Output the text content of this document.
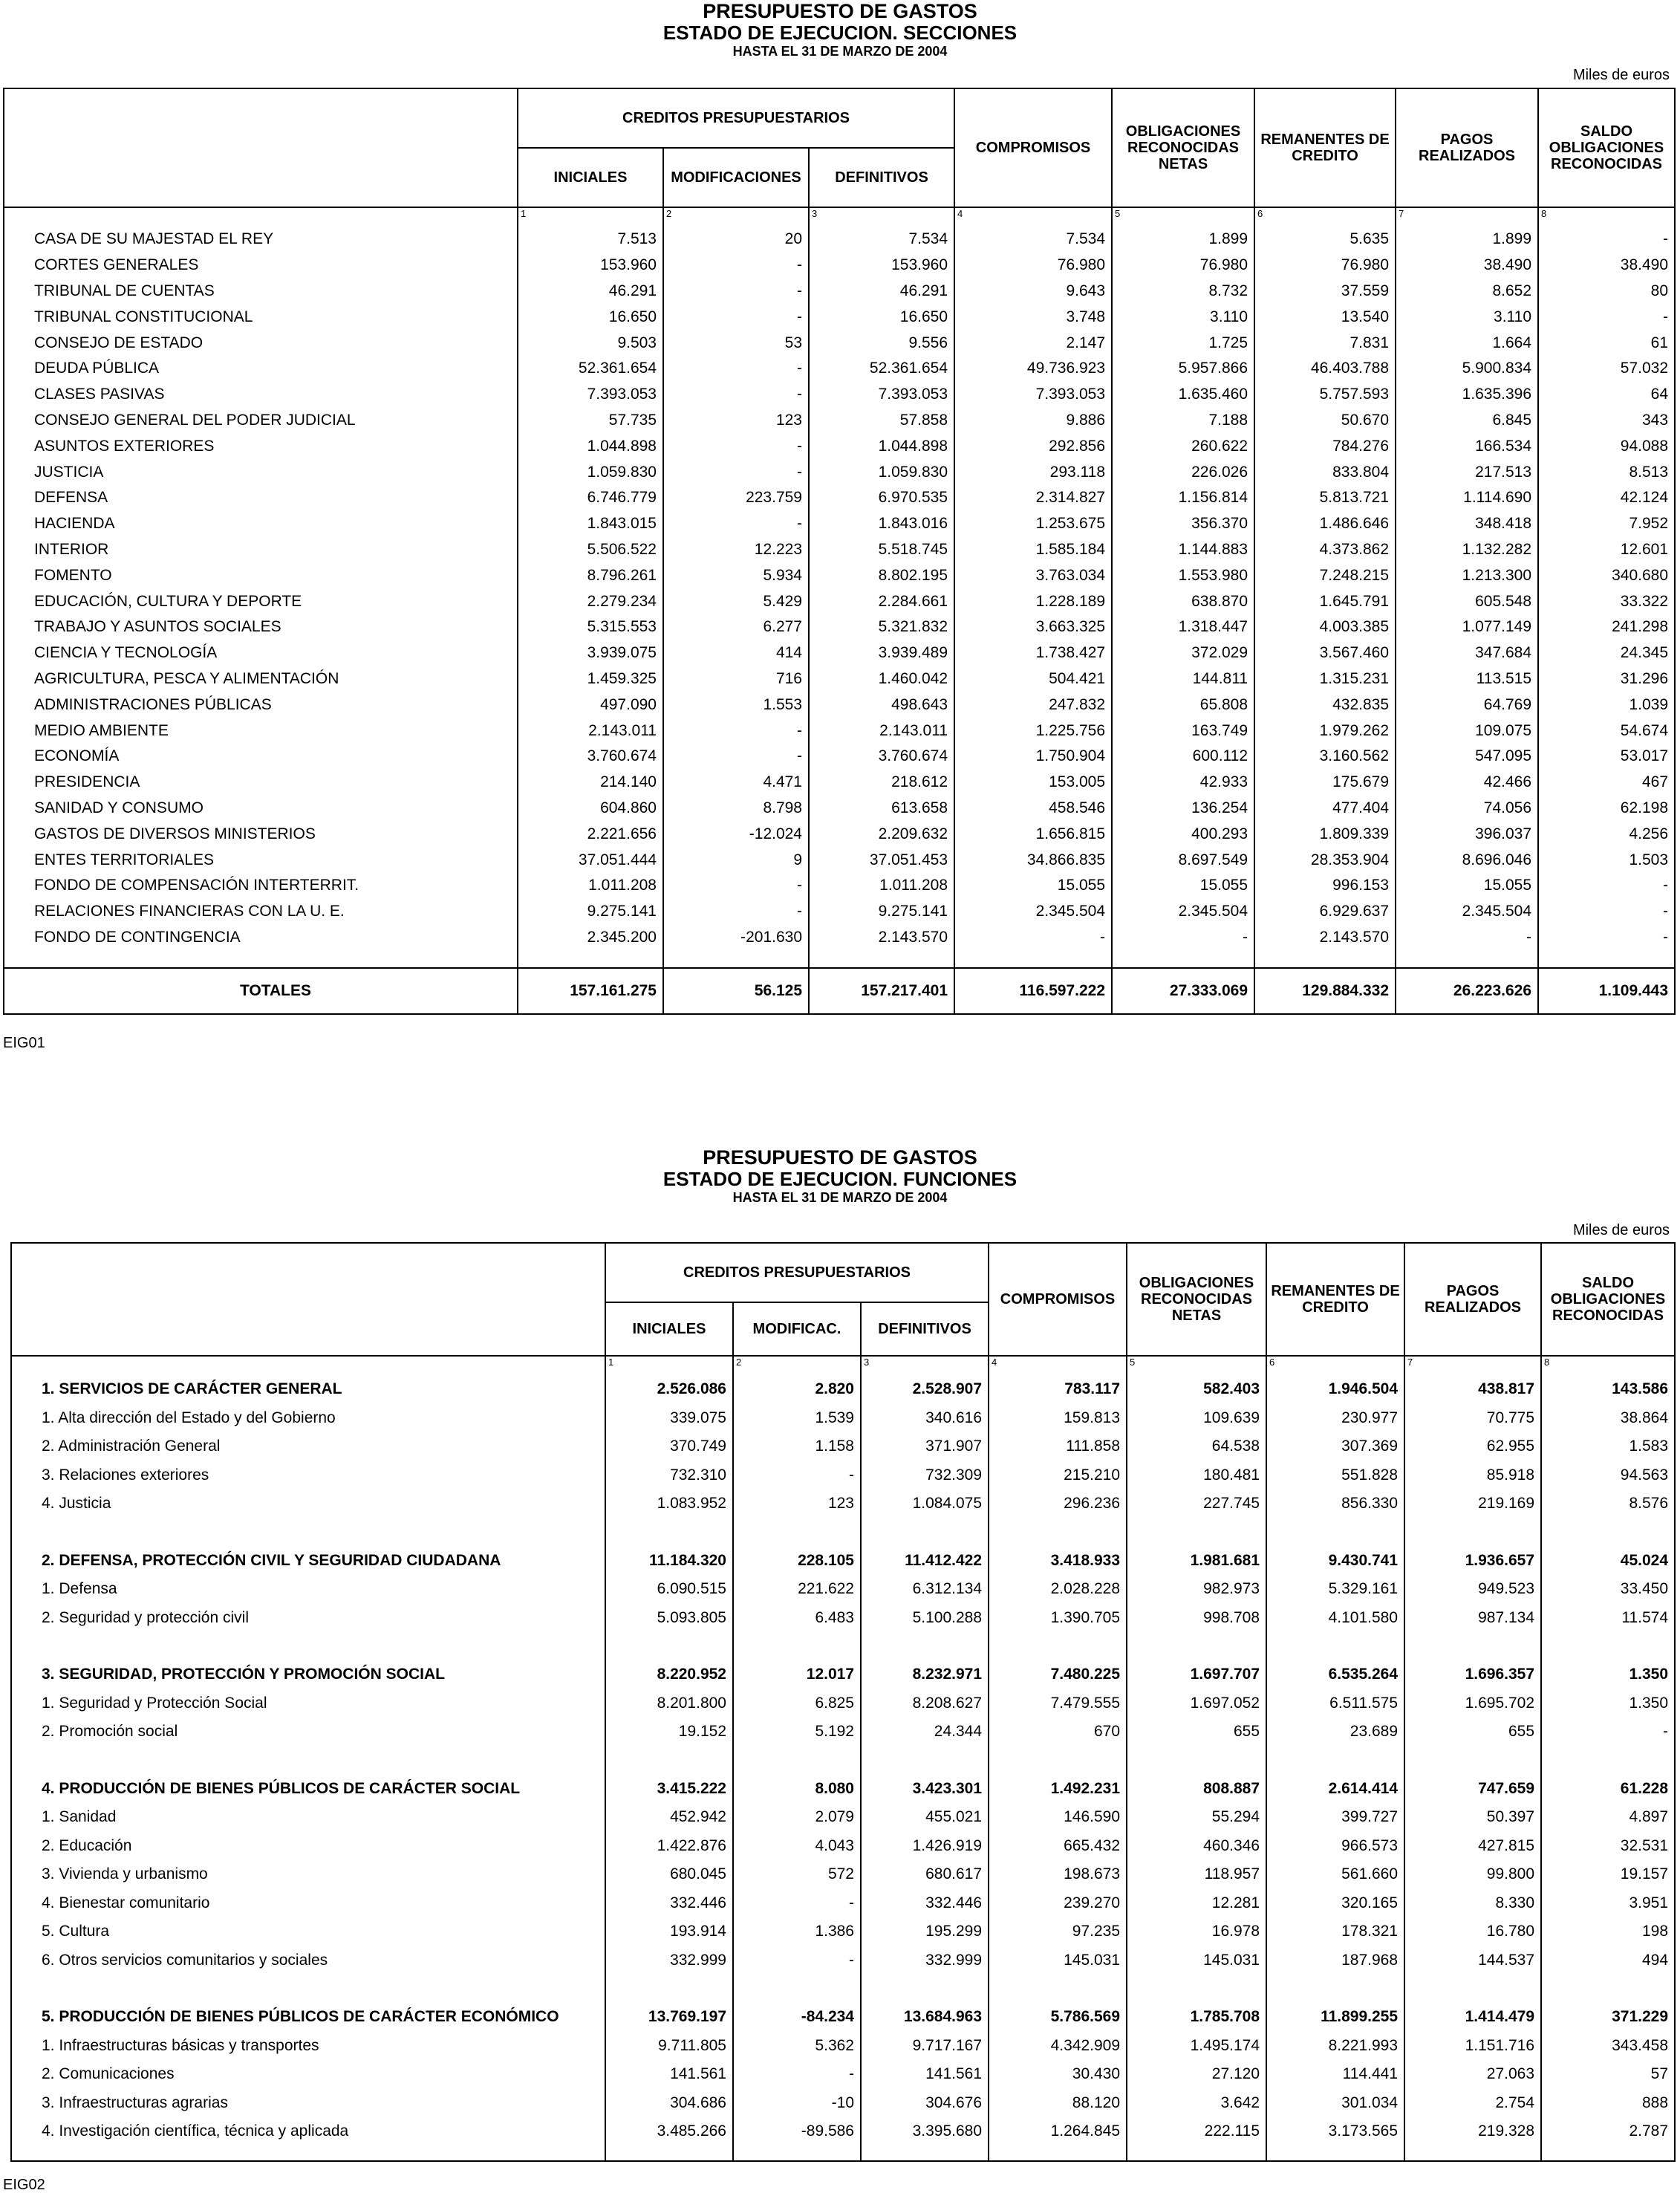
PRESUPUESTO DE GASTOS
ESTADO DE EJECUCION. SECCIONES
HASTA EL 31 DE MARZO DE 2004
Miles de euros
	CREDITOS PRESUPUESTARIOS			COMPROMISOS	OBLIGACIONES RECONOCIDAS NETAS	REMANENTES DE CREDITO	PAGOS REALIZADOS	SALDO OBLIGACIONES RECONOCIDAS
	INICIALES	MODIFICACIONES	DEFINITIVOS					
	1	2	3	4	5	6	7	8
CASA DE SU MAJESTAD EL REY	7.513	20	7.534	7.534	1.899	5.635	1.899	-
CORTES GENERALES	153.960	-	153.960	76.980	76.980	76.980	38.490	38.490
TRIBUNAL DE CUENTAS	46.291	-	46.291	9.643	8.732	37.559	8.652	80
TRIBUNAL CONSTITUCIONAL	16.650	-	16.650	3.748	3.110	13.540	3.110	-
CONSEJO DE ESTADO	9.503	53	9.556	2.147	1.725	7.831	1.664	61
DEUDA PÚBLICA	52.361.654	-	52.361.654	49.736.923	5.957.866	46.403.788	5.900.834	57.032
CLASES PASIVAS	7.393.053	-	7.393.053	7.393.053	1.635.460	5.757.593	1.635.396	64
CONSEJO GENERAL DEL PODER JUDICIAL	57.735	123	57.858	9.886	7.188	50.670	6.845	343
ASUNTOS EXTERIORES	1.044.898	-	1.044.898	292.856	260.622	784.276	166.534	94.088
JUSTICIA	1.059.830	-	1.059.830	293.118	226.026	833.804	217.513	8.513
DEFENSA	6.746.779	223.759	6.970.535	2.314.827	1.156.814	5.813.721	1.114.690	42.124
HACIENDA	1.843.015	-	1.843.016	1.253.675	356.370	1.486.646	348.418	7.952
INTERIOR	5.506.522	12.223	5.518.745	1.585.184	1.144.883	4.373.862	1.132.282	12.601
FOMENTO	8.796.261	5.934	8.802.195	3.763.034	1.553.980	7.248.215	1.213.300	340.680
EDUCACIÓN, CULTURA Y DEPORTE	2.279.234	5.429	2.284.661	1.228.189	638.870	1.645.791	605.548	33.322
TRABAJO Y ASUNTOS SOCIALES	5.315.553	6.277	5.321.832	3.663.325	1.318.447	4.003.385	1.077.149	241.298
CIENCIA Y TECNOLOGÍA	3.939.075	414	3.939.489	1.738.427	372.029	3.567.460	347.684	24.345
AGRICULTURA, PESCA Y ALIMENTACIÓN	1.459.325	716	1.460.042	504.421	144.811	1.315.231	113.515	31.296
ADMINISTRACIONES PÚBLICAS	497.090	1.553	498.643	247.832	65.808	432.835	64.769	1.039
MEDIO AMBIENTE	2.143.011	-	2.143.011	1.225.756	163.749	1.979.262	109.075	54.674
ECONOMÍA	3.760.674	-	3.760.674	1.750.904	600.112	3.160.562	547.095	53.017
PRESIDENCIA	214.140	4.471	218.612	153.005	42.933	175.679	42.466	467
SANIDAD Y CONSUMO	604.860	8.798	613.658	458.546	136.254	477.404	74.056	62.198
GASTOS DE DIVERSOS MINISTERIOS	2.221.656	-12.024	2.209.632	1.656.815	400.293	1.809.339	396.037	4.256
ENTES TERRITORIALES	37.051.444	9	37.051.453	34.866.835	8.697.549	28.353.904	8.696.046	1.503
FONDO DE COMPENSACIÓN INTERTERRIT.	1.011.208	-	1.011.208	15.055	15.055	996.153	15.055	-
RELACIONES FINANCIERAS CON LA U. E.	9.275.141	-	9.275.141	2.345.504	2.345.504	6.929.637	2.345.504	-
FONDO DE CONTINGENCIA	2.345.200	-201.630	2.143.570	-	-	2.143.570	-	-

TOTALES	157.161.275	56.125	157.217.401	116.597.222	27.333.069	129.884.332	26.223.626	1.109.443
EIG01
PRESUPUESTO DE GASTOS
ESTADO DE EJECUCION. FUNCIONES
HASTA EL 31 DE MARZO DE 2004
Miles de euros
	CREDITOS PRESUPUESTARIOS			COMPROMISOS	OBLIGACIONES RECONOCIDAS NETAS	REMANENTES DE CREDITO	PAGOS REALIZADOS	SALDO OBLIGACIONES RECONOCIDAS
	INICIALES	MODIFICAC.	DEFINITIVOS					
	1	2	3	4	5	6	7	8
1. SERVICIOS DE CARÁCTER GENERAL	2.526.086	2.820	2.528.907	783.117	582.403	1.946.504	438.817	143.586
1. Alta dirección del Estado y del Gobierno	339.075	1.539	340.616	159.813	109.639	230.977	70.775	38.864
2. Administración General	370.749	1.158	371.907	111.858	64.538	307.369	62.955	1.583
3. Relaciones exteriores	732.310	-	732.309	215.210	180.481	551.828	85.918	94.563
4. Justicia	1.083.952	123	1.084.075	296.236	227.745	856.330	219.169	8.576

2. DEFENSA, PROTECCIÓN CIVIL Y SEGURIDAD CIUDADANA	11.184.320	228.105	11.412.422	3.418.933	1.981.681	9.430.741	1.936.657	45.024
1. Defensa	6.090.515	221.622	6.312.134	2.028.228	982.973	5.329.161	949.523	33.450
2. Seguridad y protección civil	5.093.805	6.483	5.100.288	1.390.705	998.708	4.101.580	987.134	11.574

3. SEGURIDAD, PROTECCIÓN Y PROMOCIÓN SOCIAL	8.220.952	12.017	8.232.971	7.480.225	1.697.707	6.535.264	1.696.357	1.350
1. Seguridad y Protección Social	8.201.800	6.825	8.208.627	7.479.555	1.697.052	6.511.575	1.695.702	1.350
2. Promoción social	19.152	5.192	24.344	670	655	23.689	655	-

4. PRODUCCIÓN DE BIENES PÚBLICOS DE CARÁCTER SOCIAL	3.415.222	8.080	3.423.301	1.492.231	808.887	2.614.414	747.659	61.228
1. Sanidad	452.942	2.079	455.021	146.590	55.294	399.727	50.397	4.897
2. Educación	1.422.876	4.043	1.426.919	665.432	460.346	966.573	427.815	32.531
3. Vivienda y urbanismo	680.045	572	680.617	198.673	118.957	561.660	99.800	19.157
4. Bienestar comunitario	332.446	-	332.446	239.270	12.281	320.165	8.330	3.951
5. Cultura	193.914	1.386	195.299	97.235	16.978	178.321	16.780	198
6. Otros servicios comunitarios y sociales	332.999	-	332.999	145.031	145.031	187.968	144.537	494

5. PRODUCCIÓN DE BIENES PÚBLICOS DE CARÁCTER ECONÓMICO	13.769.197	-84.234	13.684.963	5.786.569	1.785.708	11.899.255	1.414.479	371.229
1. Infraestructuras básicas y transportes	9.711.805	5.362	9.717.167	4.342.909	1.495.174	8.221.993	1.151.716	343.458
2. Comunicaciones	141.561	-	141.561	30.430	27.120	114.441	27.063	57
3. Infraestructuras agrarias	304.686	-10	304.676	88.120	3.642	301.034	2.754	888
4. Investigación científica, técnica y aplicada	3.485.266	-89.586	3.395.680	1.264.845	222.115	3.173.565	219.328	2.787

EIG02
